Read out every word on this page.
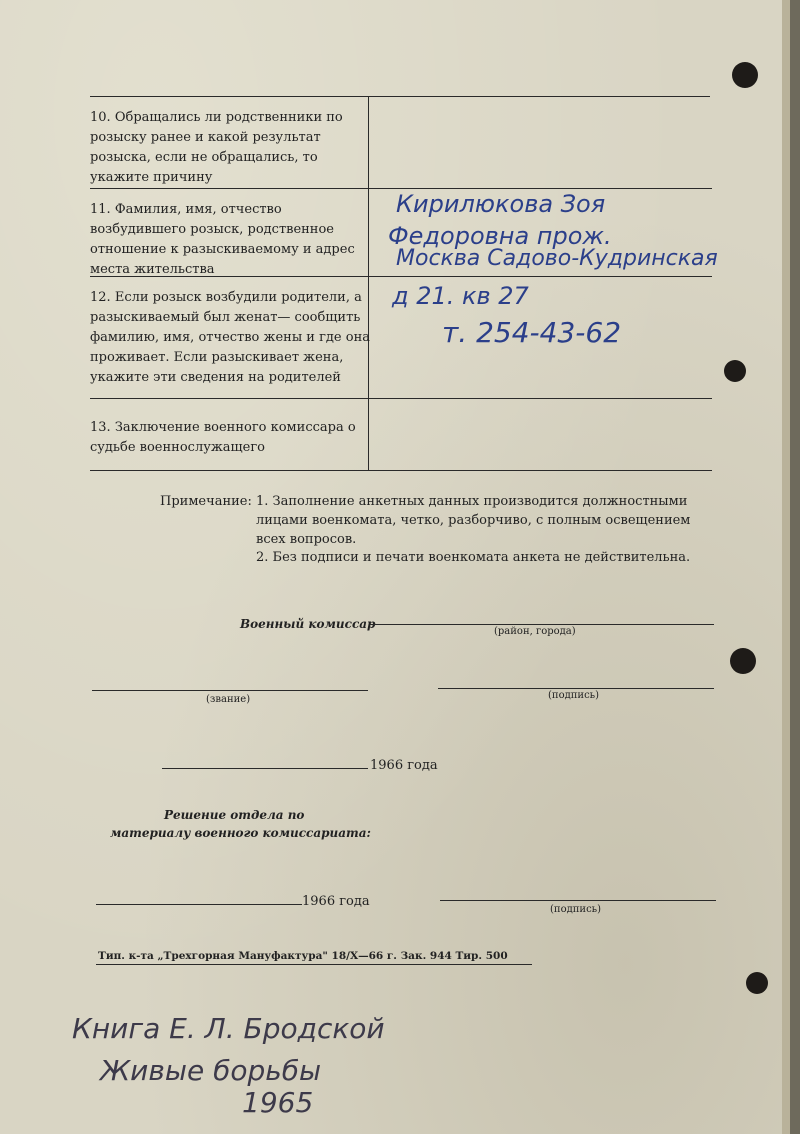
10. Обращались ли родственники по розыску ранее и какой результат розыска, если не обращались, то укажите причину
11. Фамилия, имя, отчество возбудившего розыск, родственное отношение к разыскиваемому и адрес места жительства
12. Если розыск возбудили родители, а разыскиваемый был женат— сообщить фамилию, имя, отчество жены и где она проживает. Если разыскивает жена, укажите эти сведения на родителей
13. Заключение военного комиссара о судьбе военнослужащего
Кирилюкова Зоя
Федоровна прож.
Москва Садово-Кудринская
д 21. кв 27
т. 254-43-62
Примечание: 1. Заполнение анкетных данных производится должностными лицами военкомата, четко, разборчиво, с полным освещением всех вопросов.
2. Без подписи и печати военкомата анкета не действительна.
Военный комиссар
(район, города)
(звание)	(подпись)
1966 года
Решение отдела по
материалу военного комиссариата:
1966 года
(подпись)
Тип. к-та „Трехгорная Мануфактура" 18/Х—66 г. Зак. 944 Тир. 500
Книга Е. Л. Бродской
Живые борьбы
1965
